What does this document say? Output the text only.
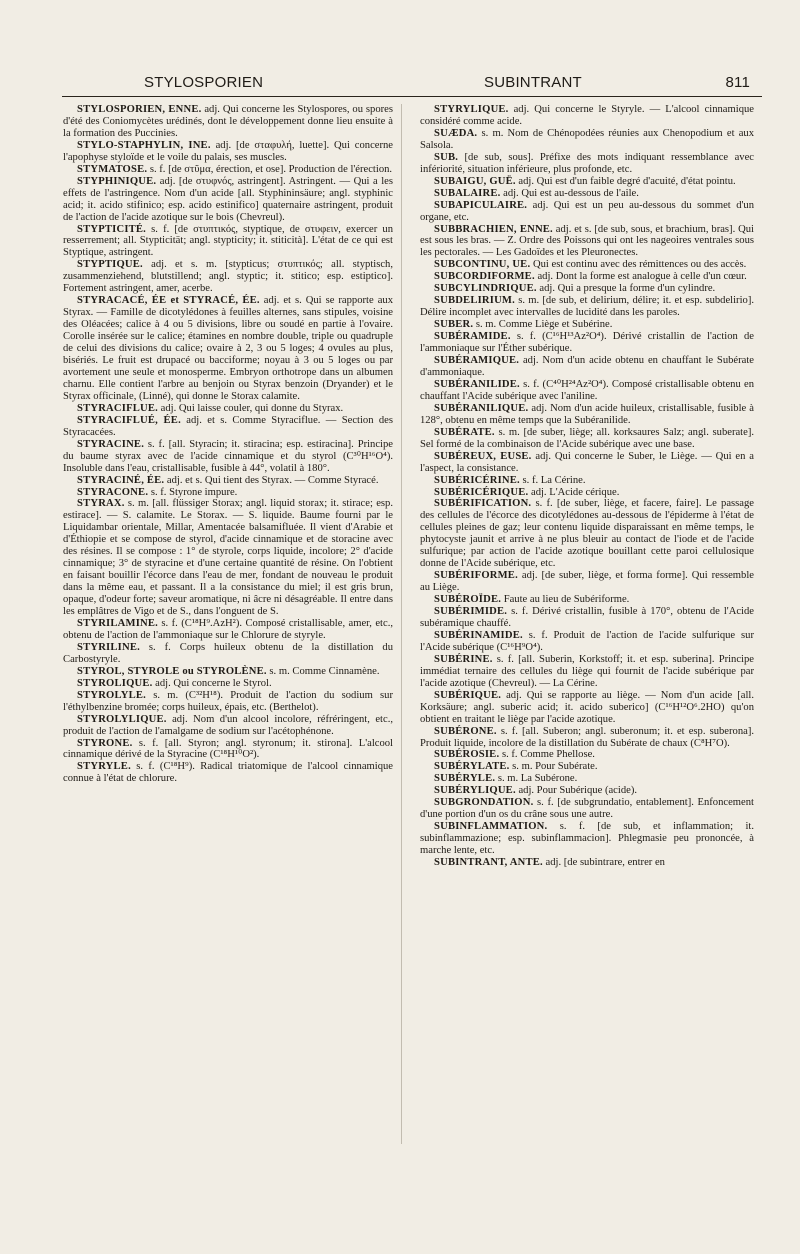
STYLOSPORIEN	SUBINTRANT	811

STYLOSPORIEN, ENNE. adj. Qui concerne les Stylospores, ou spores d'été des Coniomycètes urédinés, dont le développement donne lieu ensuite à la formation des Puccinies.

STYLO-STAPHYLIN, INE. adj. [de σταφυλή, luette]. Qui concerne l'apophyse styloïde et le voile du palais, ses muscles.

STYMATOSE. s. f. [de στῦμα, érection, et ose]. Production de l'érection.

STYPHINIQUE. adj. [de στυφνός, astringent]. Astringent. — Qui a les effets de l'astringence. Nom d'un acide [all. Styphininsäure; angl. styphinic acid; it. acido stifinico; esp. acido estinifico] quaternaire astringent, produit de l'action de l'acide azotique sur le bois (Chevreul).

STYPTICITÉ. s. f. [de στυπτικός, styptique, de στυφειν, exercer un resserrement; all. Stypticität; angl. stypticity; it. stiticità]. L'état de ce qui est Styptique, astringent.

STYPTIQUE. adj. et s. m. [stypticus; στυπτικός; all. styptisch, zusammenziehend, blutstillend; angl. styptic; it. stitico; esp. estiptico]. Fortement astringent, amer, acerbe.

STYRACACÉ, ÉE et STYRACÉ, ÉE. adj. et s. Qui se rapporte aux Styrax. — Famille de dicotylédones à feuilles alternes, sans stipules, voisine des Oléacées; calice à 4 ou 5 divisions, libre ou soudé en partie à l'ovaire. Corolle insérée sur le calice; étamines en nombre double, triple ou quadruple de celui des divisions du calice; ovaire à 2, 3 ou 5 loges; 4 ovules au plus, bisériés. Le fruit est drupacé ou bacciforme; noyau à 3 ou 5 loges ou par avortement une seule et monosperme. Embryon orthotrope dans un albumen charnu. Elle contient l'arbre au benjoin ou Styrax benzoin (Dryander) et le Styrax officinale, (Linné), qui donne le Storax calamite.

STYRACIFLUE. adj. Qui laisse couler, qui donne du Styrax.

STYRACIFLUÉ, ÉE. adj. et s. Comme Styraciflue. — Section des Styracacées.

STYRACINE. s. f. [all. Styracin; it. stiracina; esp. estiracina]. Principe du baume styrax avec de l'acide cinnamique et du styrol (C³⁰H¹⁶O⁴). Insoluble dans l'eau, cristallisable, fusible à 44°, volatil à 180°.

STYRACINÉ, ÉE. adj. et s. Qui tient des Styrax. — Comme Styracé.

STYRACONE. s. f. Styrone impure.

STYRAX. s. m. [all. flüssiger Storax; angl. liquid storax; it. stirace; esp. estirace]. — S. calamite. Le Storax. — S. liquide. Baume fourni par le Liquidambar orientale, Millar, Amentacée balsamifluée. Il vient d'Arabie et d'Éthiopie et se compose de styrol, d'acide cinnamique et de storacine avec des résines. Il se compose : 1° de styrole, corps liquide, incolore; 2° d'acide cinnamique; 3° de styracine et d'une certaine quantité de résine. On l'obtient en faisant bouillir l'écorce dans l'eau de mer, fondant de nouveau le produit dans la même eau, et passant. Il a la consistance du miel; il est gris brun, opaque, d'odeur forte; saveur aromatique, ni âcre ni désagréable. Il entre dans les emplâtres de Vigo et de S., dans l'onguent de S.

STYRILAMINE. s. f. (C¹⁸H⁹.AzH²). Composé cristallisable, amer, etc., obtenu de l'action de l'ammoniaque sur le Chlorure de styryle.

STYRILINE. s. f. Corps huileux obtenu de la distillation du Carbostyryle.

STYROL, STYROLE ou STYROLÈNE. s. m. Comme Cinnamène.

STYROLIQUE. adj. Qui concerne le Styrol.

STYROLYLE. s. m. (C³²H¹⁸). Produit de l'action du sodium sur l'éthylbenzine bromée; corps huileux, épais, etc. (Berthelot).

STYROLYLIQUE. adj. Nom d'un alcool incolore, réfréringent, etc., produit de l'action de l'amalgame de sodium sur l'acétophénone.

STYRONE. s. f. [all. Styron; angl. styronum; it. stirona]. L'alcool cinnamique dérivé de la Styracine (C¹⁸H¹⁰O²).

STYRYLE. s. f. (C¹⁸H⁹). Radical triatomique de l'alcool cinnamique connue à l'état de chlorure.

STYRYLIQUE. adj. Qui concerne le Styryle. — L'alcool cinnamique considéré comme acide.

SUÆDA. s. m. Nom de Chénopodées réunies aux Chenopodium et aux Salsola.

SUB. [de sub, sous]. Préfixe des mots indiquant ressemblance avec infériorité, situation inférieure, plus profonde, etc.

SUBAIGU, GUË. adj. Qui est d'un faible degré d'acuité, d'état pointu.

SUBALAIRE. adj. Qui est au-dessous de l'aile.

SUBAPICULAIRE. adj. Qui est un peu au-dessous du sommet d'un organe, etc.

SUBBRACHIEN, ENNE. adj. et s. [de sub, sous, et brachium, bras]. Qui est sous les bras. — Z. Ordre des Poissons qui ont les nageoires ventrales sous les pectorales. — Les Gadoïdes et les Pleuronectes.

SUBCONTINU, UE. Qui est continu avec des rémittences ou des accès.

SUBCORDIFORME. adj. Dont la forme est analogue à celle d'un cœur.

SUBCYLINDRIQUE. adj. Qui a presque la forme d'un cylindre.

SUBDELIRIUM. s. m. [de sub, et delirium, délire; it. et esp. subdelirio]. Délire incomplet avec intervalles de lucidité dans les paroles.

SUBER. s. m. Comme Liège et Subérine.

SUBÉRAMIDE. s. f. (C¹⁶H¹³Az²O⁴). Dérivé cristallin de l'action de l'ammoniaque sur l'Éther subérique.

SUBÉRAMIQUE. adj. Nom d'un acide obtenu en chauffant le Subérate d'ammoniaque.

SUBÉRANILIDE. s. f. (C⁴⁰H²⁴Az²O⁴). Composé cristallisable obtenu en chauffant l'Acide subérique avec l'aniline.

SUBÉRANILIQUE. adj. Nom d'un acide huileux, cristallisable, fusible à 128°, obtenu en même temps que la Subéranilide.

SUBÉRATE. s. m. [de suber, liège; all. korksaures Salz; angl. suberate]. Sel formé de la combinaison de l'Acide subérique avec une base.

SUBÉREUX, EUSE. adj. Qui concerne le Suber, le Liège. — Qui en a l'aspect, la consistance.

SUBÉRICÉRINE. s. f. La Cérine.

SUBÉRICÉRIQUE. adj. L'Acide cérique.

SUBÉRIFICATION. s. f. [de suber, liège, et facere, faire]. Le passage des cellules de l'écorce des dicotylédones au-dessous de l'épiderme à l'état de cellules pleines de gaz; leur contenu liquide disparaissant en même temps, le phytocyste jaunit et arrive à ne plus bleuir au contact de l'iode et de l'acide sulfurique; par action de l'acide azotique bouillant cette paroi cellulosique donne de l'Acide subérique, etc.

SUBÉRIFORME. adj. [de suber, liège, et forma forme]. Qui ressemble au Liège.

SUBÉROÏDE. Faute au lieu de Subériforme.

SUBÉRIMIDE. s. f. Dérivé cristallin, fusible à 170°, obtenu de l'Acide subéramique chauffé.

SUBÉRINAMIDE. s. f. Produit de l'action de l'acide sulfurique sur l'Acide subérique (C¹⁶H⁹O⁴).

SUBÉRINE. s. f. [all. Suberin, Korkstoff; it. et esp. suberina]. Principe immédiat ternaire des cellules du liège qui fournit de l'acide subérique par l'acide azotique (Chevreul). — La Cérine.

SUBÉRIQUE. adj. Qui se rapporte au liège. — Nom d'un acide [all. Korksäure; angl. suberic acid; it. acido suberico] (C¹⁶H¹²O⁶.2HO) qu'on obtient en traitant le liège par l'acide azotique.

SUBÉRONE. s. f. [all. Suberon; angl. suberonum; it. et esp. suberona]. Produit liquide, incolore de la distillation du Subérate de chaux (C⁸H⁷O).

SUBÉROSIE. s. f. Comme Phellose.

SUBÉRYLATE. s. m. Pour Subérate.

SUBÉRYLE. s. m. La Subérone.

SUBÉRYLIQUE. adj. Pour Subérique (acide).

SUBGRONDATION. s. f. [de subgrundatio, entablement]. Enfoncement d'une portion d'un os du crâne sous une autre.

SUBINFLAMMATION. s. f. [de sub, et inflammation; it. subinflammazione; esp. subinflammacion]. Phlegmasie peu prononcée, à marche lente, etc.

SUBINTRANT, ANTE. adj. [de subintrare, entrer en
